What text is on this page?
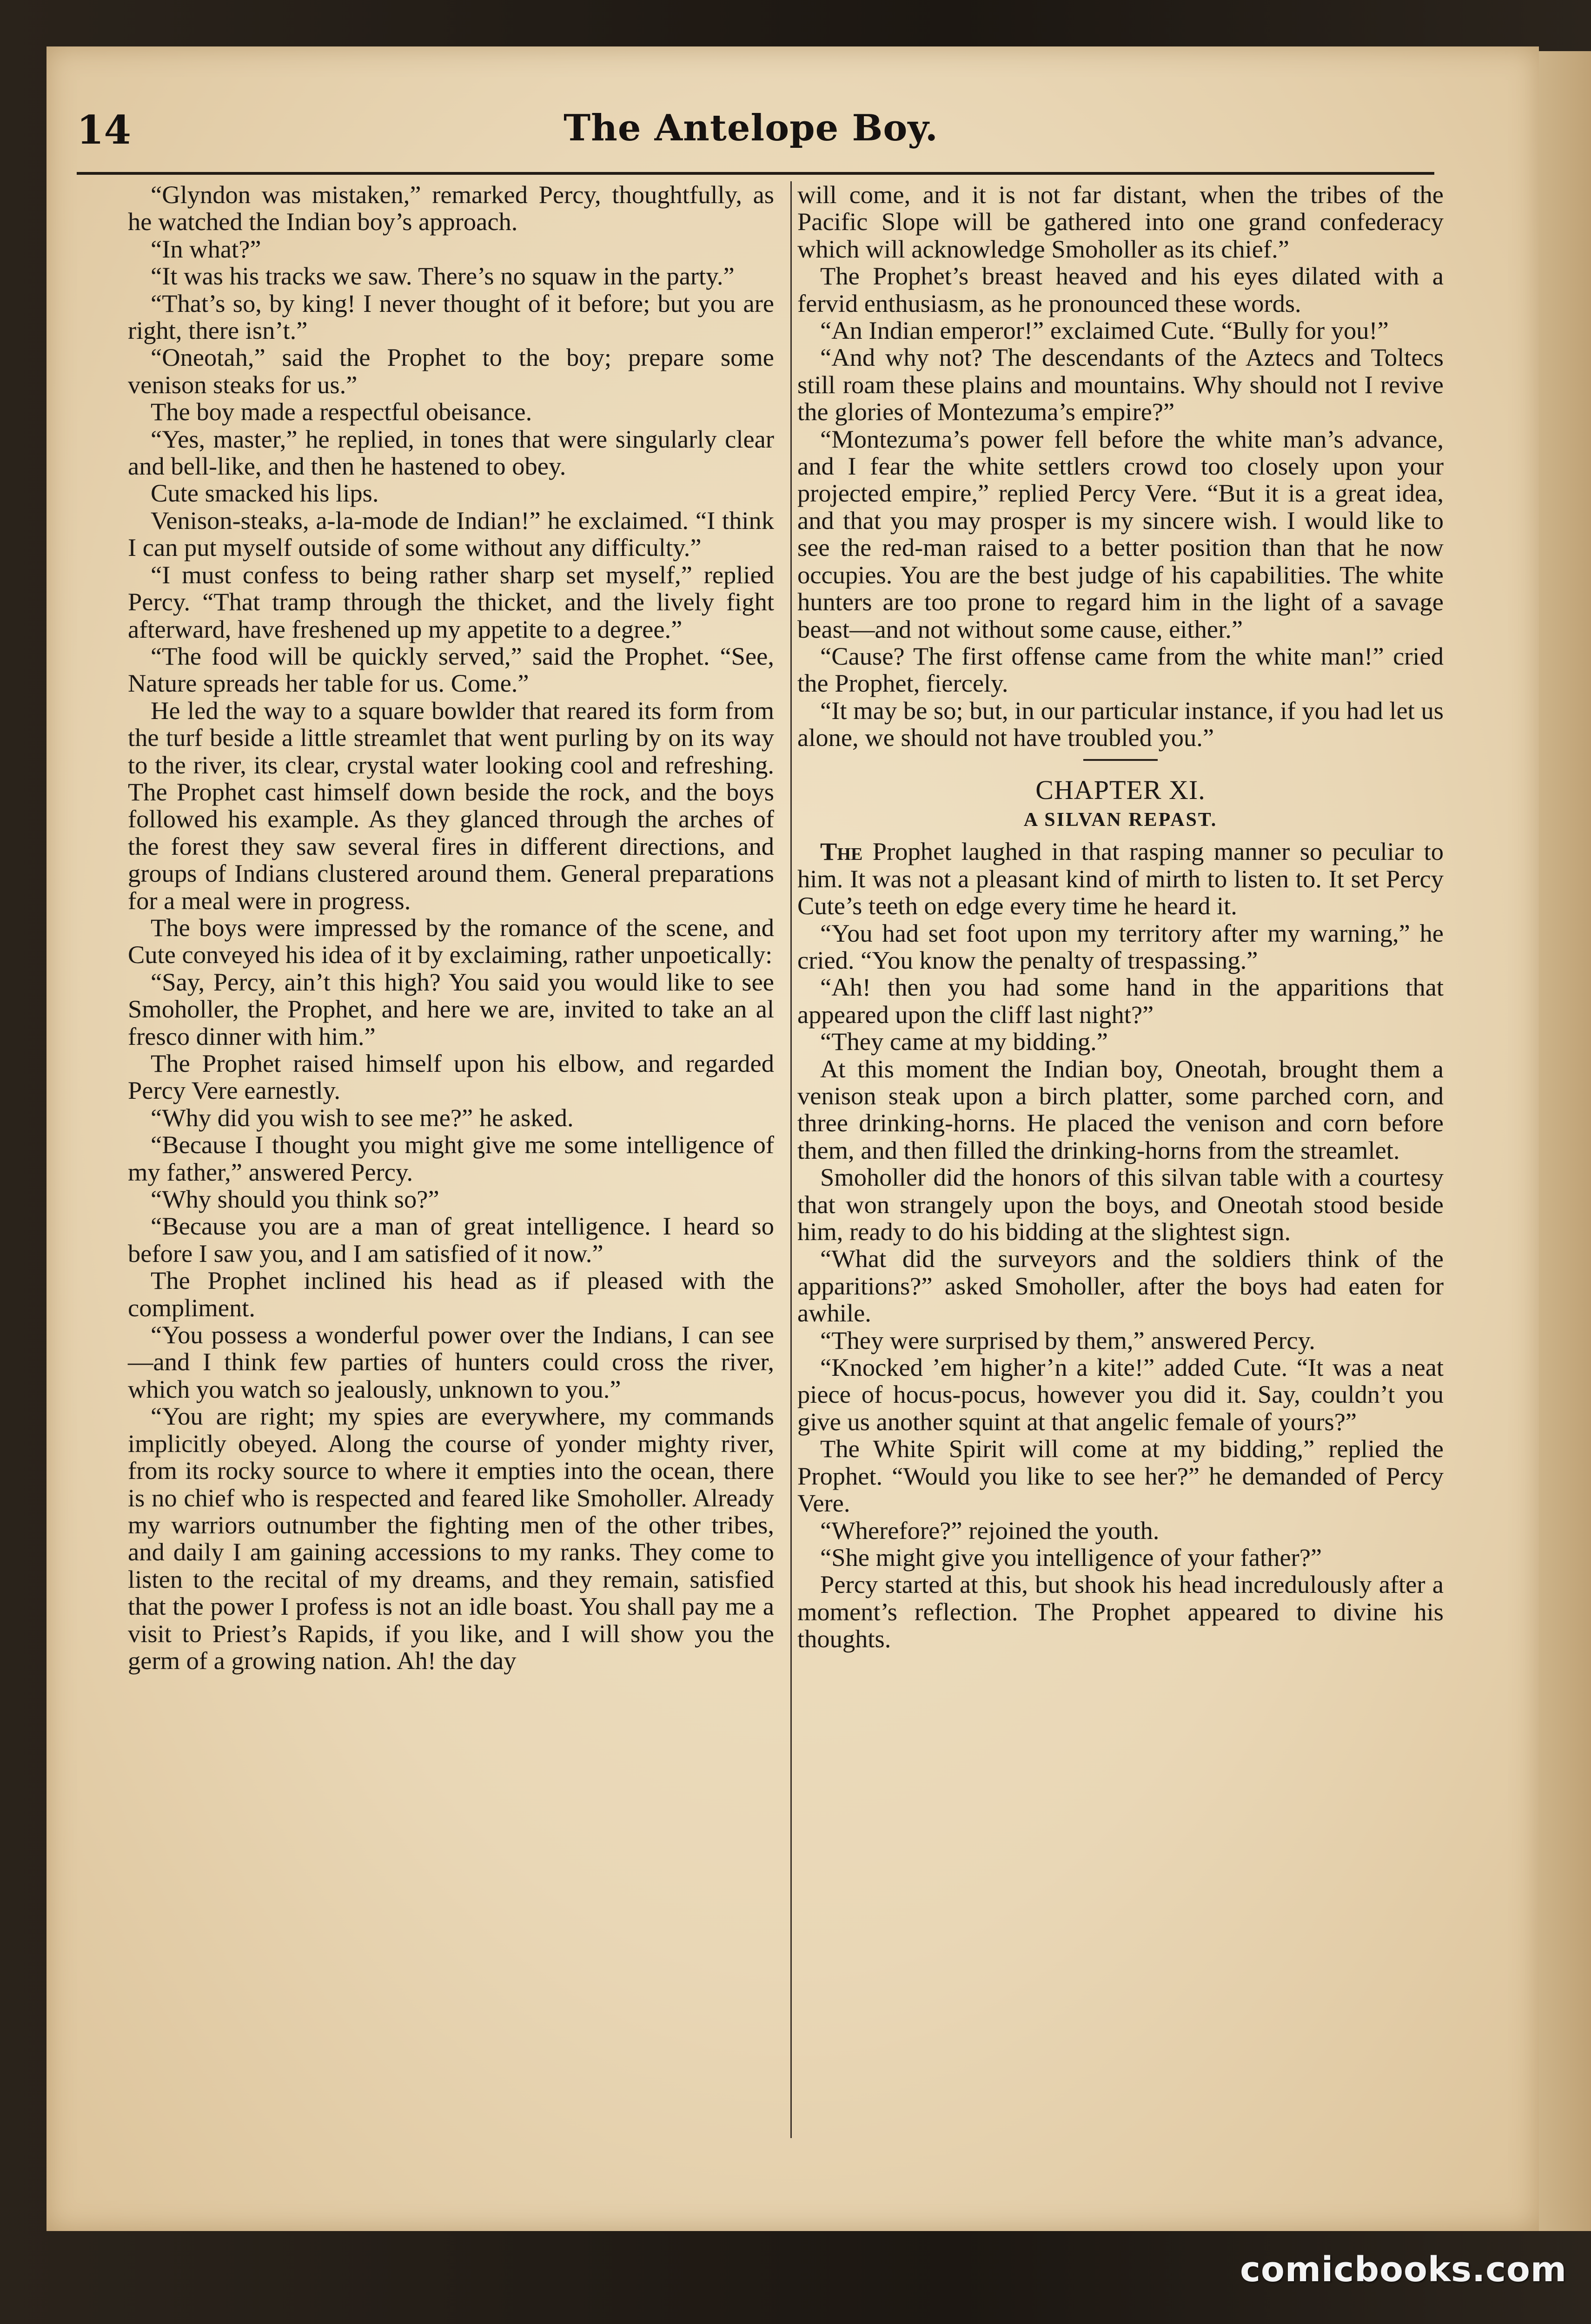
14	The Antelope Boy.

“Glyndon was mistaken,” remarked Percy, thoughtfully, as he watched the Indian boy’s approach.

“In what?”

“It was his tracks we saw. There’s no squaw in the party.”

“That’s so, by king! I never thought of it before; but you are right, there isn’t.”

“Oneotah,” said the Prophet to the boy; prepare some venison steaks for us.”

The boy made a respectful obeisance.

“Yes, master,” he replied, in tones that were singularly clear and bell-like, and then he hastened to obey.

Cute smacked his lips.

Venison-steaks, a-la-mode de Indian!” he exclaimed. “I think I can put myself outside of some without any difficulty.”

“I must confess to being rather sharp set myself,” replied Percy. “That tramp through the thicket, and the lively fight afterward, have freshened up my appetite to a degree.”

“The food will be quickly served,” said the Prophet. “See, Nature spreads her table for us. Come.”

He led the way to a square bowlder that reared its form from the turf beside a little streamlet that went purling by on its way to the river, its clear, crystal water looking cool and refreshing. The Prophet cast himself down beside the rock, and the boys followed his example. As they glanced through the arches of the forest they saw several fires in different directions, and groups of Indians clustered around them. General preparations for a meal were in progress.

The boys were impressed by the romance of the scene, and Cute conveyed his idea of it by exclaiming, rather unpoetically:

“Say, Percy, ain’t this high? You said you would like to see Smoholler, the Prophet, and here we are, invited to take an al fresco dinner with him.”

The Prophet raised himself upon his elbow, and regarded Percy Vere earnestly.

“Why did you wish to see me?” he asked.

“Because I thought you might give me some intelligence of my father,” answered Percy.

“Why should you think so?”

“Because you are a man of great intelligence. I heard so before I saw you, and I am satisfied of it now.”

The Prophet inclined his head as if pleased with the compliment.

“You possess a wonderful power over the Indians, I can see—and I think few parties of hunters could cross the river, which you watch so jealously, unknown to you.”

“You are right; my spies are everywhere, my commands implicitly obeyed. Along the course of yonder mighty river, from its rocky source to where it empties into the ocean, there is no chief who is respected and feared like Smoholler. Already my warriors outnumber the fighting men of the other tribes, and daily I am gaining accessions to my ranks. They come to listen to the recital of my dreams, and they remain, satisfied that the power I profess is not an idle boast. You shall pay me a visit to Priest’s Rapids, if you like, and I will show you the germ of a growing nation. Ah! the day

will come, and it is not far distant, when the tribes of the Pacific Slope will be gathered into one grand confederacy which will acknowledge Smoholler as its chief.”

The Prophet’s breast heaved and his eyes dilated with a fervid enthusiasm, as he pronounced these words.

“An Indian emperor!” exclaimed Cute. “Bully for you!”

“And why not? The descendants of the Aztecs and Toltecs still roam these plains and mountains. Why should not I revive the glories of Montezuma’s empire?”

“Montezuma’s power fell before the white man’s advance, and I fear the white settlers crowd too closely upon your projected empire,” replied Percy Vere. “But it is a great idea, and that you may prosper is my sincere wish. I would like to see the red-man raised to a better position than that he now occupies. You are the best judge of his capabilities. The white hunters are too prone to regard him in the light of a savage beast—and not without some cause, either.”

“Cause? The first offense came from the white man!” cried the Prophet, fiercely.

“It may be so; but, in our particular instance, if you had let us alone, we should not have troubled you.”

CHAPTER XI.
A SILVAN REPAST.

The Prophet laughed in that rasping manner so peculiar to him. It was not a pleasant kind of mirth to listen to. It set Percy Cute’s teeth on edge every time he heard it.

“You had set foot upon my territory after my warning,” he cried. “You know the penalty of trespassing.”

“Ah! then you had some hand in the apparitions that appeared upon the cliff last night?”

“They came at my bidding.”

At this moment the Indian boy, Oneotah, brought them a venison steak upon a birch platter, some parched corn, and three drinking-horns. He placed the venison and corn before them, and then filled the drinking-horns from the streamlet.

Smoholler did the honors of this silvan table with a courtesy that won strangely upon the boys, and Oneotah stood beside him, ready to do his bidding at the slightest sign.

“What did the surveyors and the soldiers think of the apparitions?” asked Smoholler, after the boys had eaten for awhile.

“They were surprised by them,” answered Percy.

“Knocked ’em higher’n a kite!” added Cute. “It was a neat piece of hocus-pocus, however you did it. Say, couldn’t you give us another squint at that angelic female of yours?”

The White Spirit will come at my bidding,” replied the Prophet. “Would you like to see her?” he demanded of Percy Vere.

“Wherefore?” rejoined the youth.

“She might give you intelligence of your father?”

Percy started at this, but shook his head incredulously after a moment’s reflection. The Prophet appeared to divine his thoughts.

comicbooks.com
